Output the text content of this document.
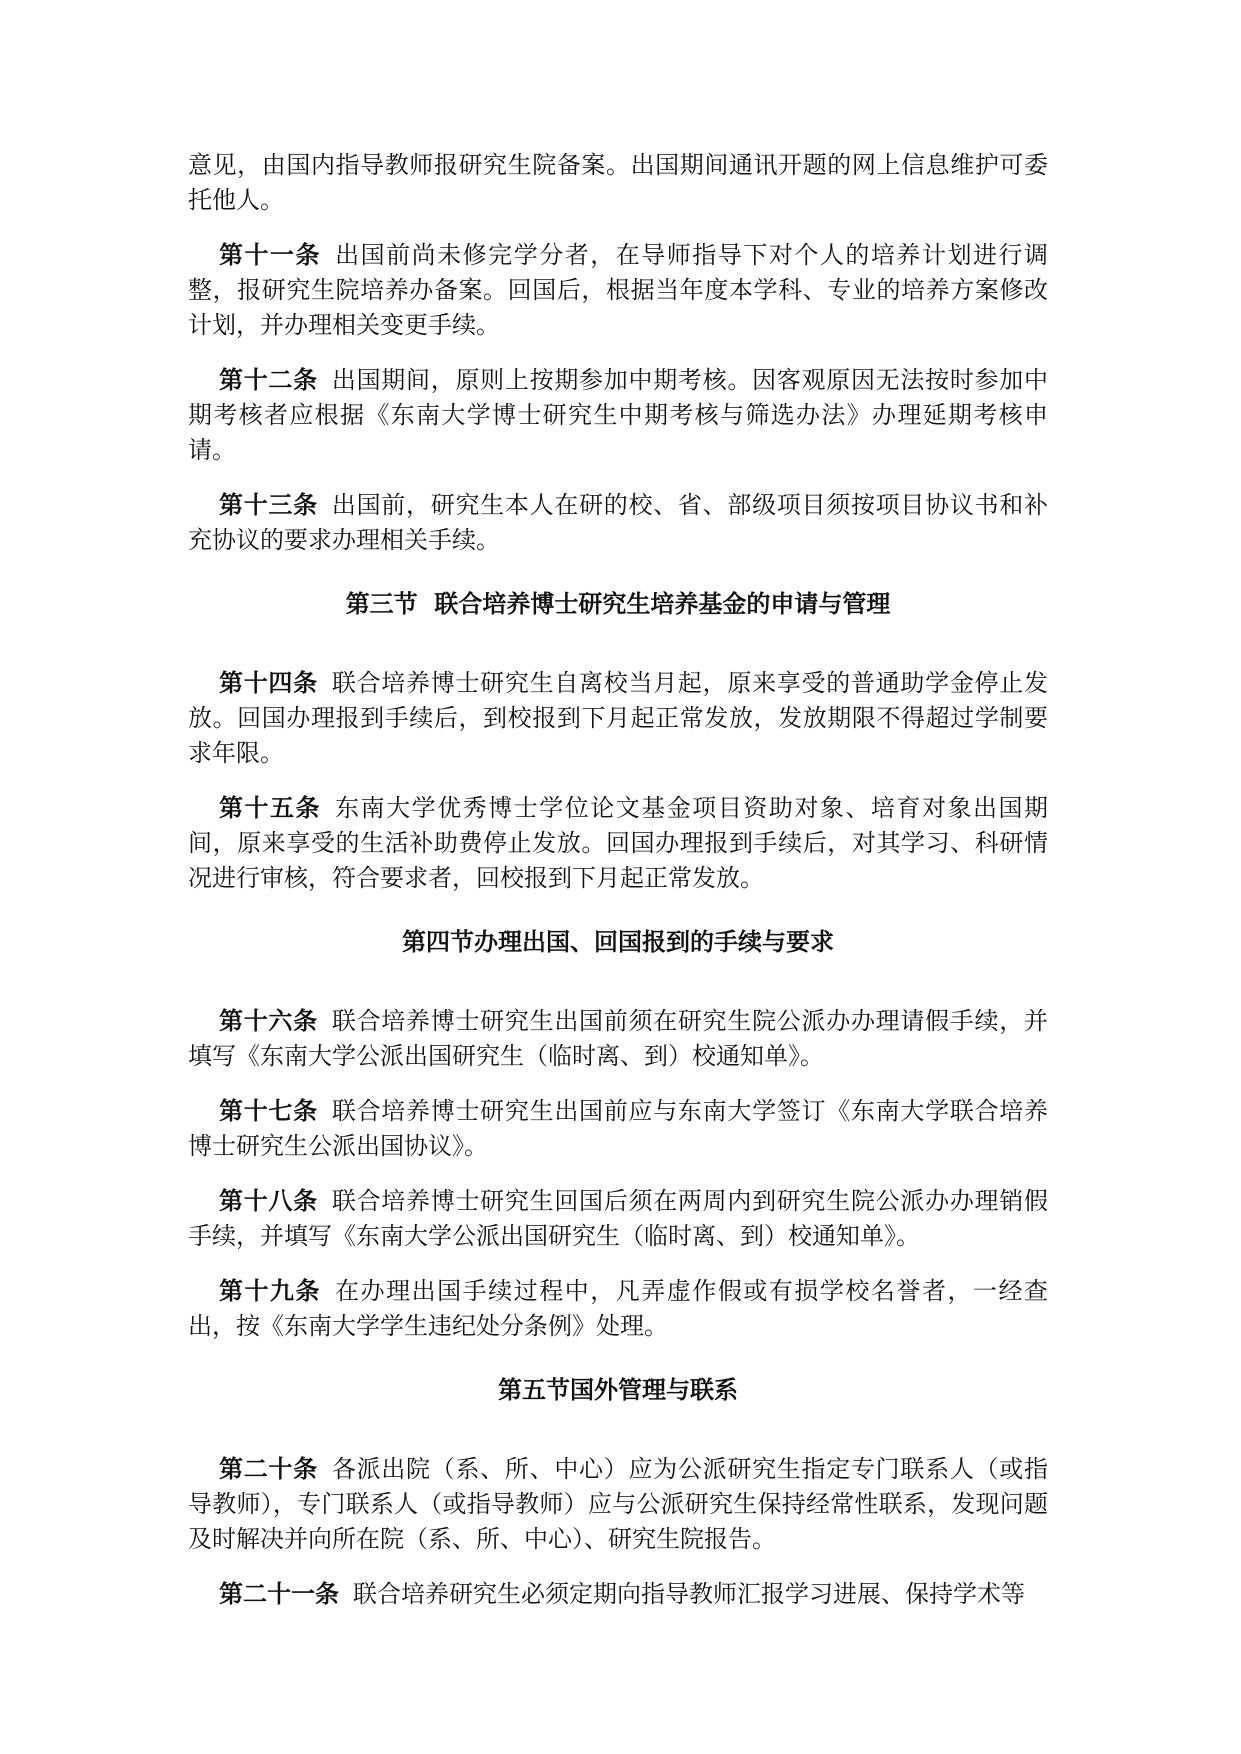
意见，由国内指导教师报研究生院备案。出国期间通讯开题的网上信息维护可委托他人。

第十一条 出国前尚未修完学分者，在导师指导下对个人的培养计划进行调整，报研究生院培养办备案。回国后，根据当年度本学科、专业的培养方案修改计划，并办理相关变更手续。

第十二条 出国期间，原则上按期参加中期考核。因客观原因无法按时参加中期考核者应根据《东南大学博士研究生中期考核与筛选办法》办理延期考核申请。

第十三条 出国前，研究生本人在研的校、省、部级项目须按项目协议书和补充协议的要求办理相关手续。

第三节  联合培养博士研究生培养基金的申请与管理

第十四条 联合培养博士研究生自离校当月起，原来享受的普通助学金停止发放。回国办理报到手续后，到校报到下月起正常发放，发放期限不得超过学制要求年限。

第十五条 东南大学优秀博士学位论文基金项目资助对象、培育对象出国期间，原来享受的生活补助费停止发放。回国办理报到手续后，对其学习、科研情况进行审核，符合要求者，回校报到下月起正常发放。

第四节办理出国、回国报到的手续与要求

第十六条 联合培养博士研究生出国前须在研究生院公派办办理请假手续，并填写《东南大学公派出国研究生（临时离、到）校通知单》。

第十七条 联合培养博士研究生出国前应与东南大学签订《东南大学联合培养博士研究生公派出国协议》。

第十八条 联合培养博士研究生回国后须在两周内到研究生院公派办办理销假手续，并填写《东南大学公派出国研究生（临时离、到）校通知单》。

第十九条 在办理出国手续过程中，凡弄虚作假或有损学校名誉者，一经查出，按《东南大学学生违纪处分条例》处理。

第五节国外管理与联系

第二十条 各派出院（系、所、中心）应为公派研究生指定专门联系人（或指导教师），专门联系人（或指导教师）应与公派研究生保持经常性联系，发现问题及时解决并向所在院（系、所、中心）、研究生院报告。

第二十一条 联合培养研究生必须定期向指导教师汇报学习进展、保持学术等
